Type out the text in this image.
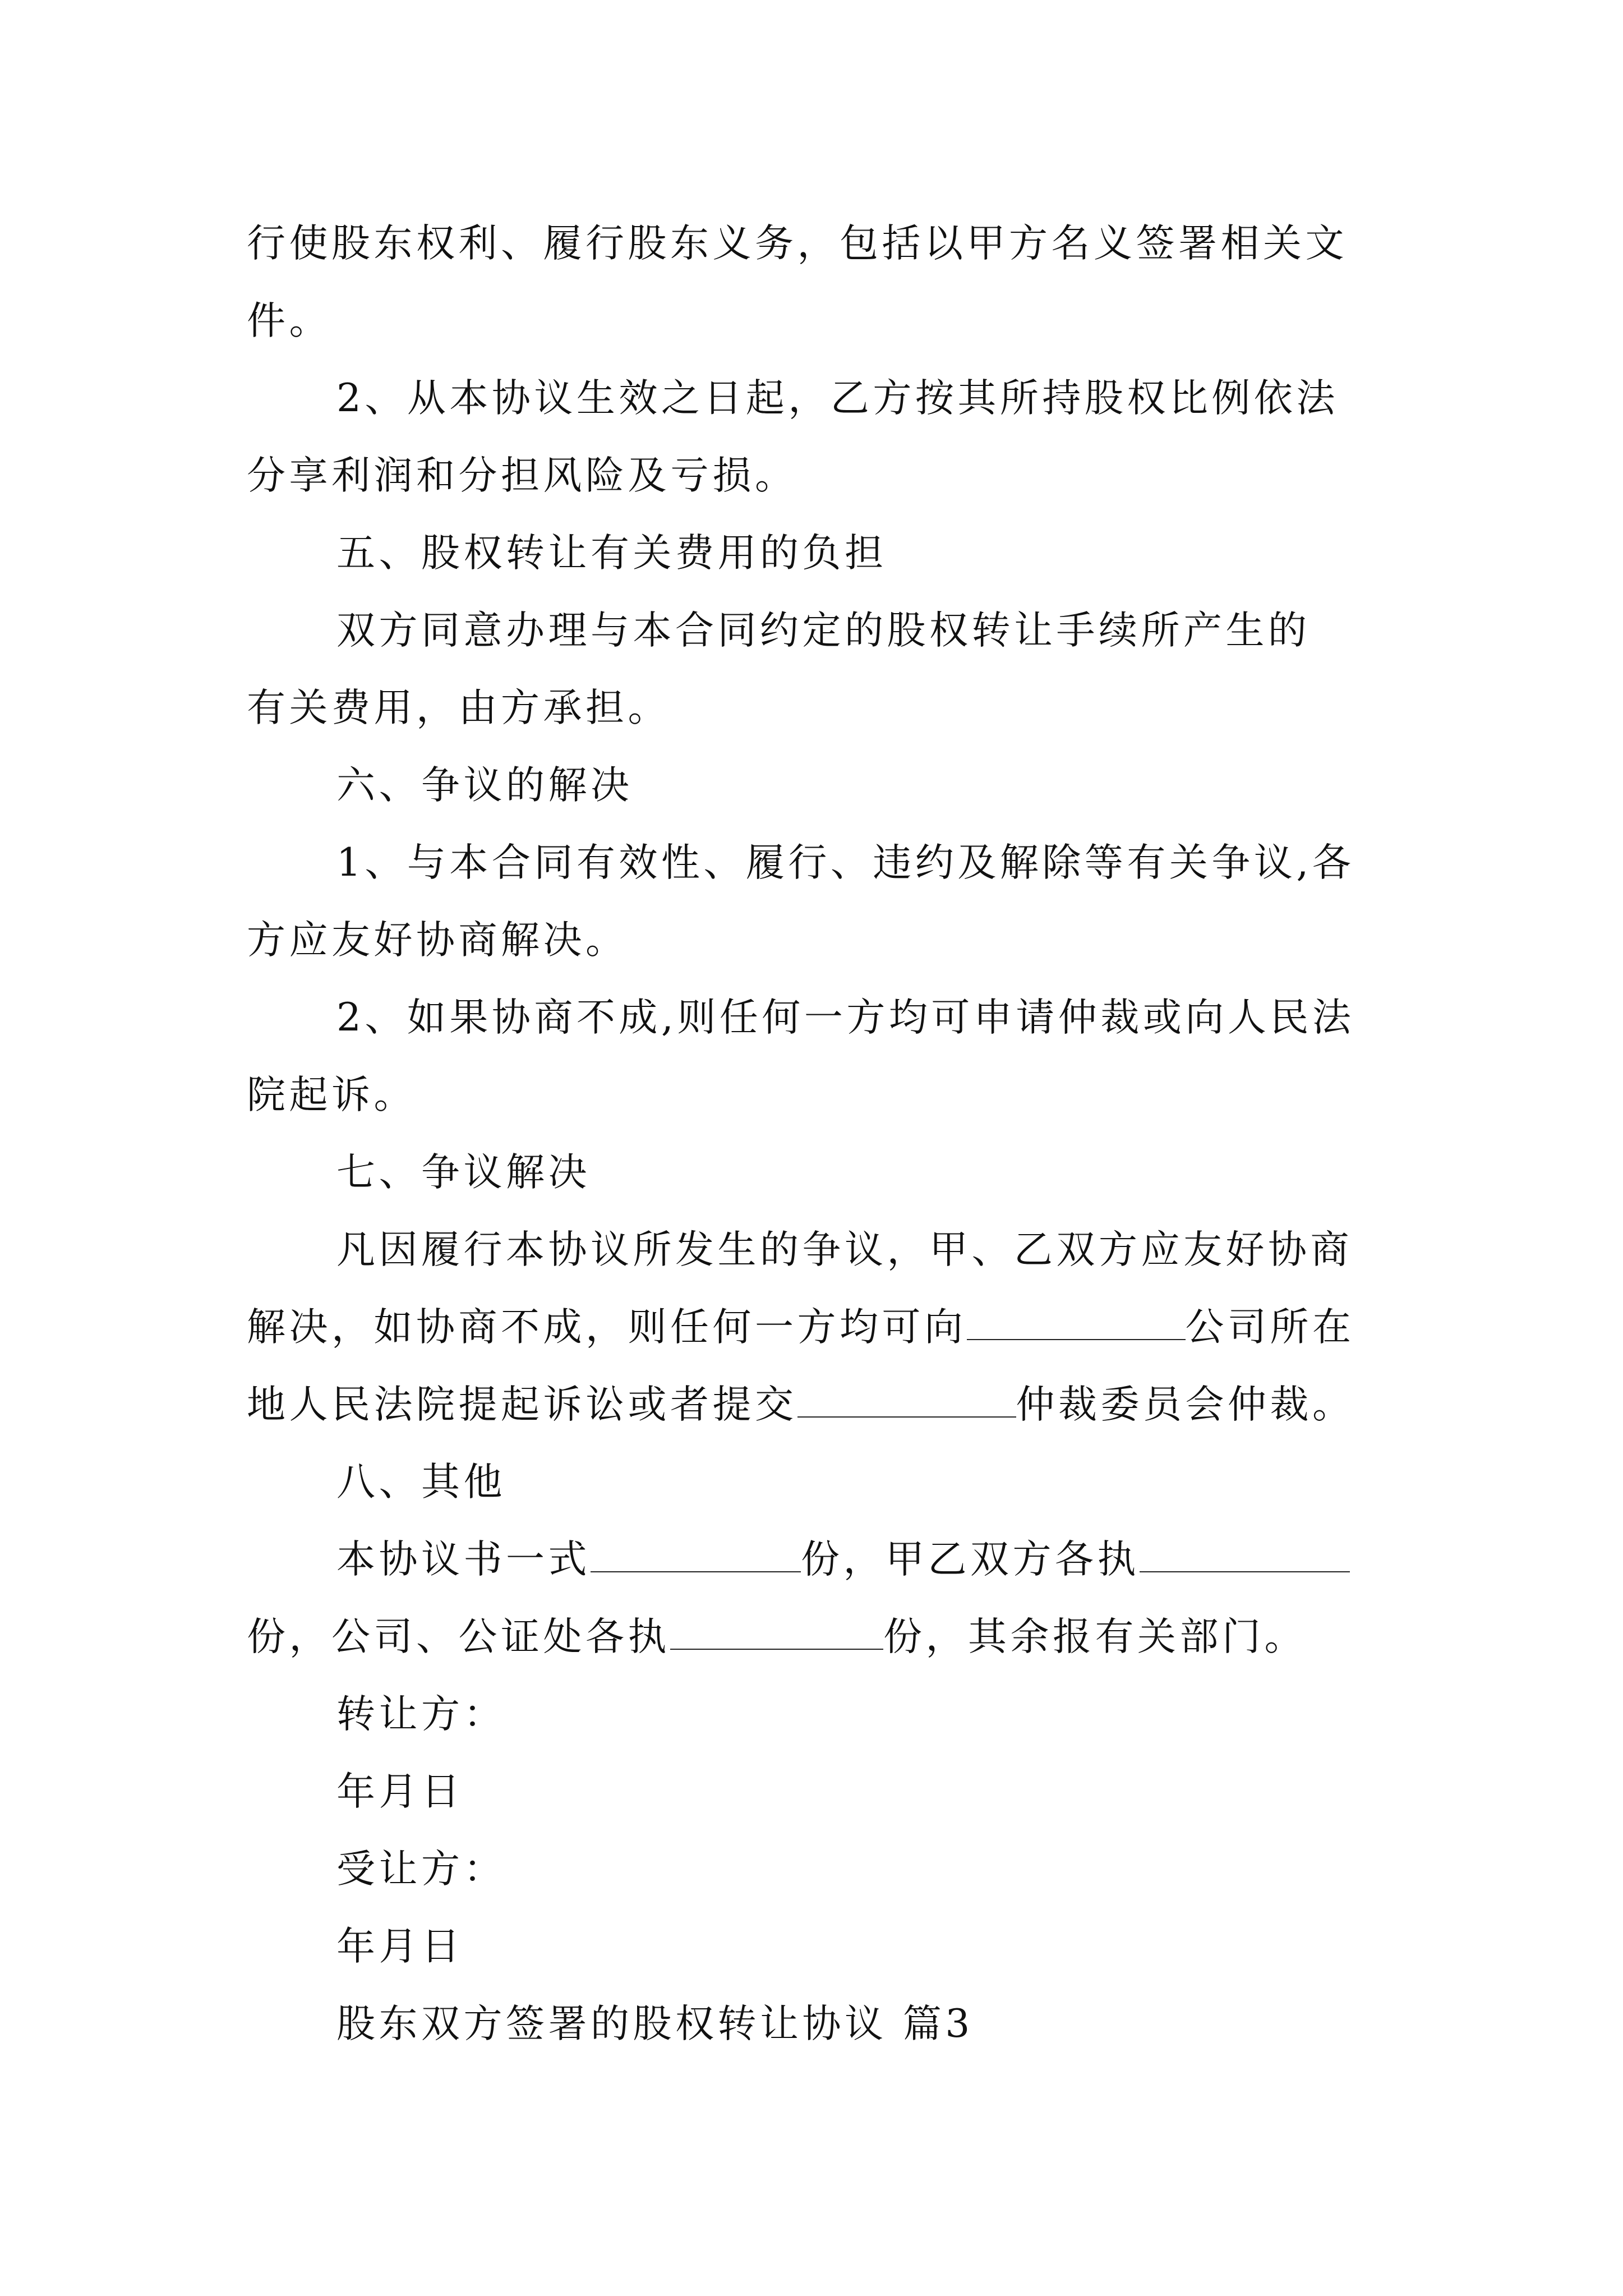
行使股东权利、履行股东义务，包括以甲方名义签署相关文

件。

2、从本协议生效之日起，乙方按其所持股权比例依法

分享利润和分担风险及亏损。

五、股权转让有关费用的负担

双方同意办理与本合同约定的股权转让手续所产生的

有关费用，由方承担。

六、争议的解决

1、与本合同有效性、履行、违约及解除等有关争议,各

方应友好协商解决。

2、如果协商不成,则任何一方均可申请仲裁或向人民法

院起诉。

七、争议解决

凡因履行本协议所发生的争议，甲、乙双方应友好协商

解决，如协商不成，则任何一方均可向	公司所在

地人民法院提起诉讼或者提交	仲裁委员会仲裁。

八、其他

本协议书一式	份，甲乙双方各执

份，公司、公证处各执	份，其余报有关部门。

转让方：

年月日

受让方：

年月日

股东双方签署的股权转让协议 篇3
